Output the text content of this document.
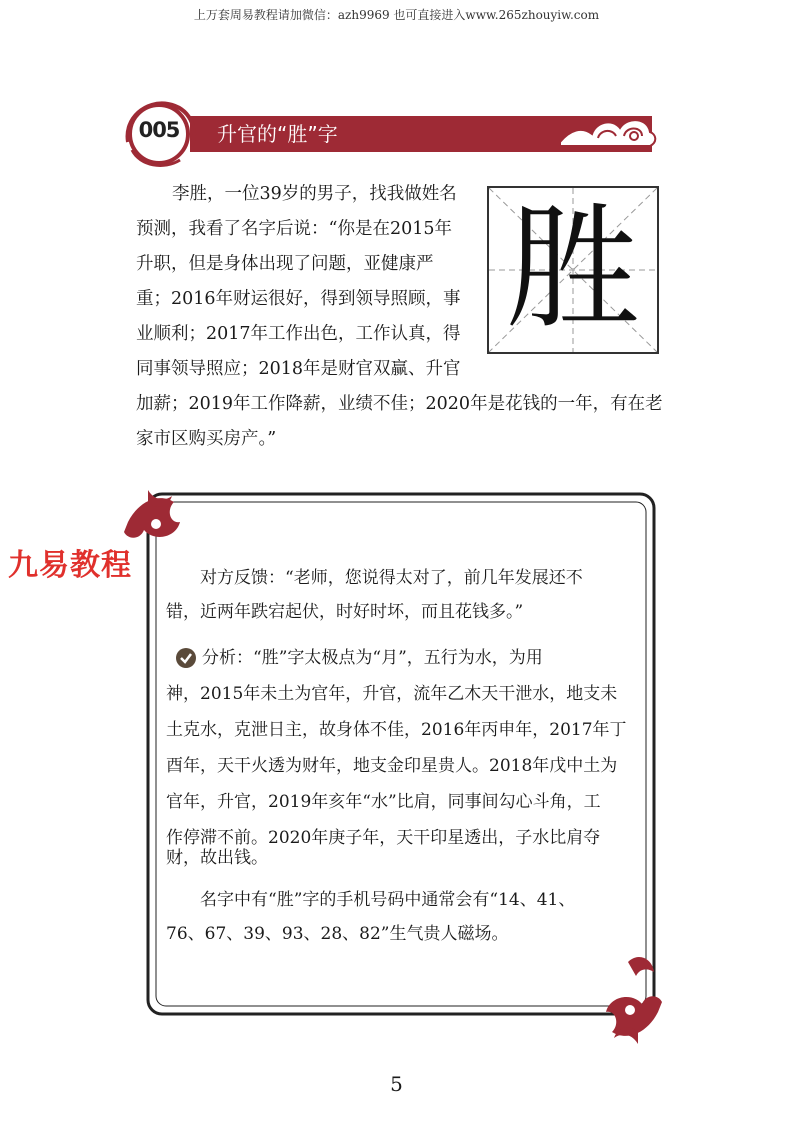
上万套周易教程请加微信：azh9969 也可直接进入www.265zhouyiw.com
升官的“胜”字
005
胜
李胜，一位39岁的男子，找我做姓名
预测，我看了名字后说：“你是在2015年
升职，但是身体出现了问题，亚健康严
重；2016年财运很好，得到领导照顾，事
业顺利；2017年工作出色，工作认真，得
同事领导照应；2018年是财官双赢、升官
加薪；2019年工作降薪，业绩不佳；2020年是花钱的一年，有在老
家市区购买房产。”
九易教程	对方反馈：“老师，您说得太对了，前几年发展还不
错，近两年跌宕起伏，时好时坏，而且花钱多。”
分析：“胜”字太极点为“月”，五行为水，为用
神，2015年未土为官年，升官，流年乙木天干泄水，地支未
土克水，克泄日主，故身体不佳，2016年丙申年，2017年丁
酉年，天干火透为财年，地支金印星贵人。2018年戊中土为
官年，升官，2019年亥年“水”比肩，同事间勾心斗角，工
作停滞不前。2020年庚子年，天干印星透出，子水比肩夺
财，故出钱。
名字中有“胜”字的手机号码中通常会有“14、41、
76、67、39、93、28、82”生气贵人磁场。
5
